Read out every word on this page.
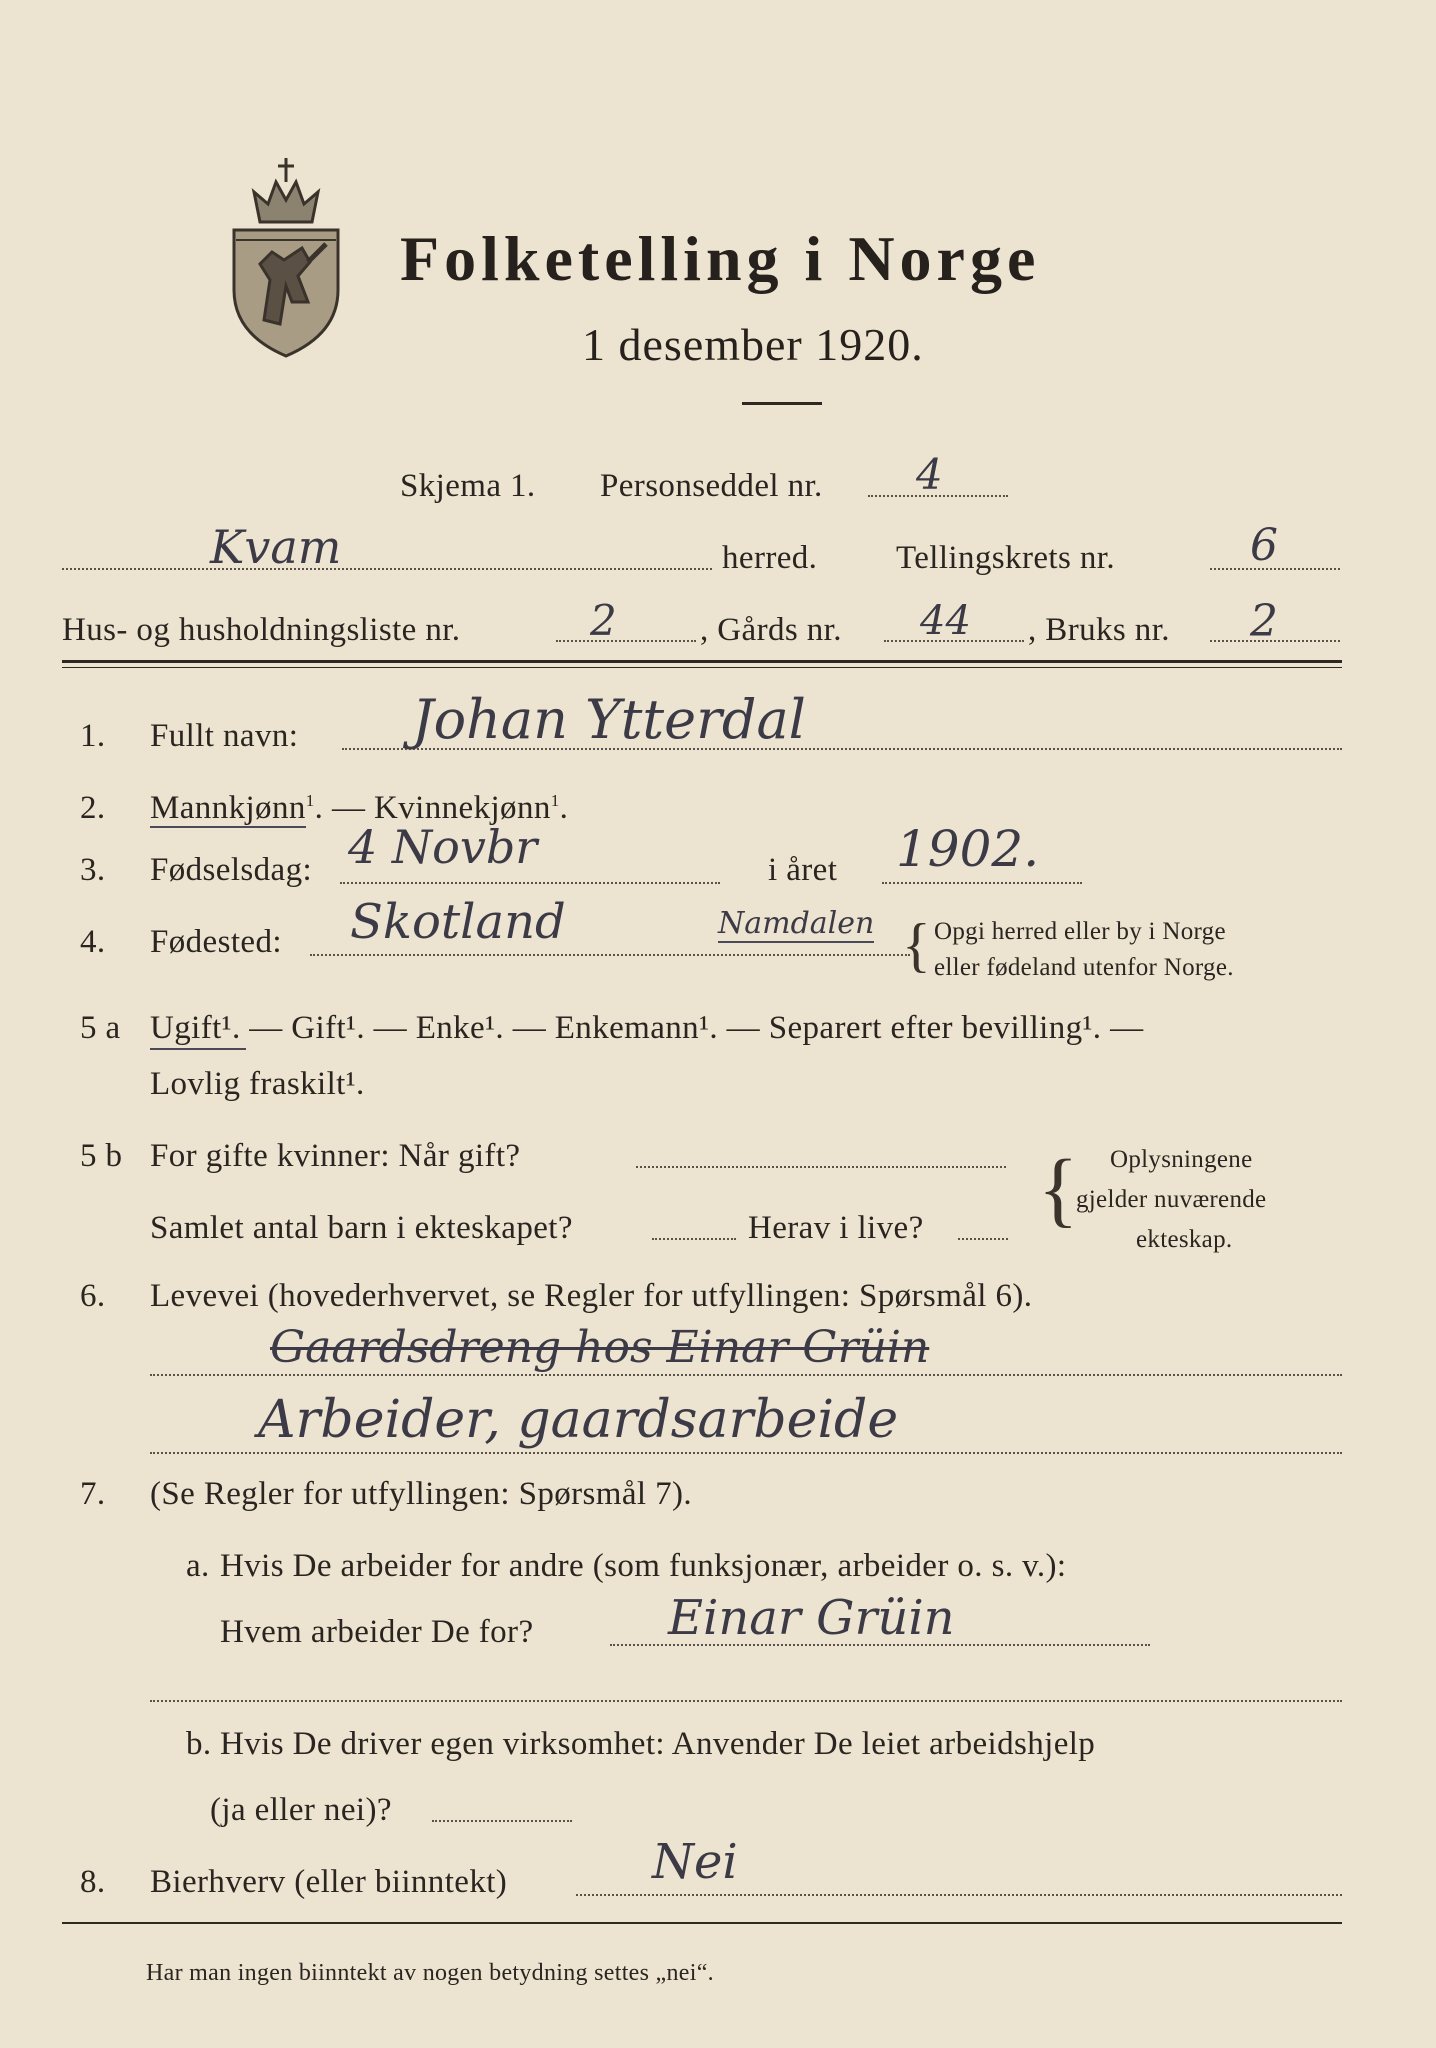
Folketelling i Norge
1 desember 1920.
Skjema 1. Personseddel nr. 4
Kvam	herred. Tellingskrets nr.	6
Hus- og husholdningsliste nr.	2	, Gårds nr. 44 , Bruks nr. 2
1. Fullt navn: Johan Ytterdal
2. Mannkjønn$^1$. — Kvinnekjønn$^1$.
3. Fødselsdag: 4 Novbr	i året 1902.
4. Fødested: Skotland	Namdalen { Opgi herred eller by i Norge
eller fødeland utenfor Norge.
5 a Ugift¹. — Gift¹. — Enke¹. — Enkemann¹. — Separert efter bevilling¹. —
Lovlig fraskilt¹.
5 b For gifte kvinner: Når gift?
Samlet antal barn i ekteskapet?	Herav i live? { Oplysningene
gjelder nuværende
ekteskap.
6. Levevei (hovederhvervet, se Regler for utfyllingen: Spørsmål 6).
Gaardsdreng hos Einar Grüin
Arbeider, gaardsarbeide
7. (Se Regler for utfyllingen: Spørsmål 7).
a. Hvis De arbeider for andre (som funksjonær, arbeider o. s. v.):
Hvem arbeider De for?	Einar Grüin
b. Hvis De driver egen virksomhet: Anvender De leiet arbeidshjelp
(ja eller nei)?
8. Bierhverv (eller biinntekt)	Nei
Har man ingen biinntekt av nogen betydning settes „nei“.
